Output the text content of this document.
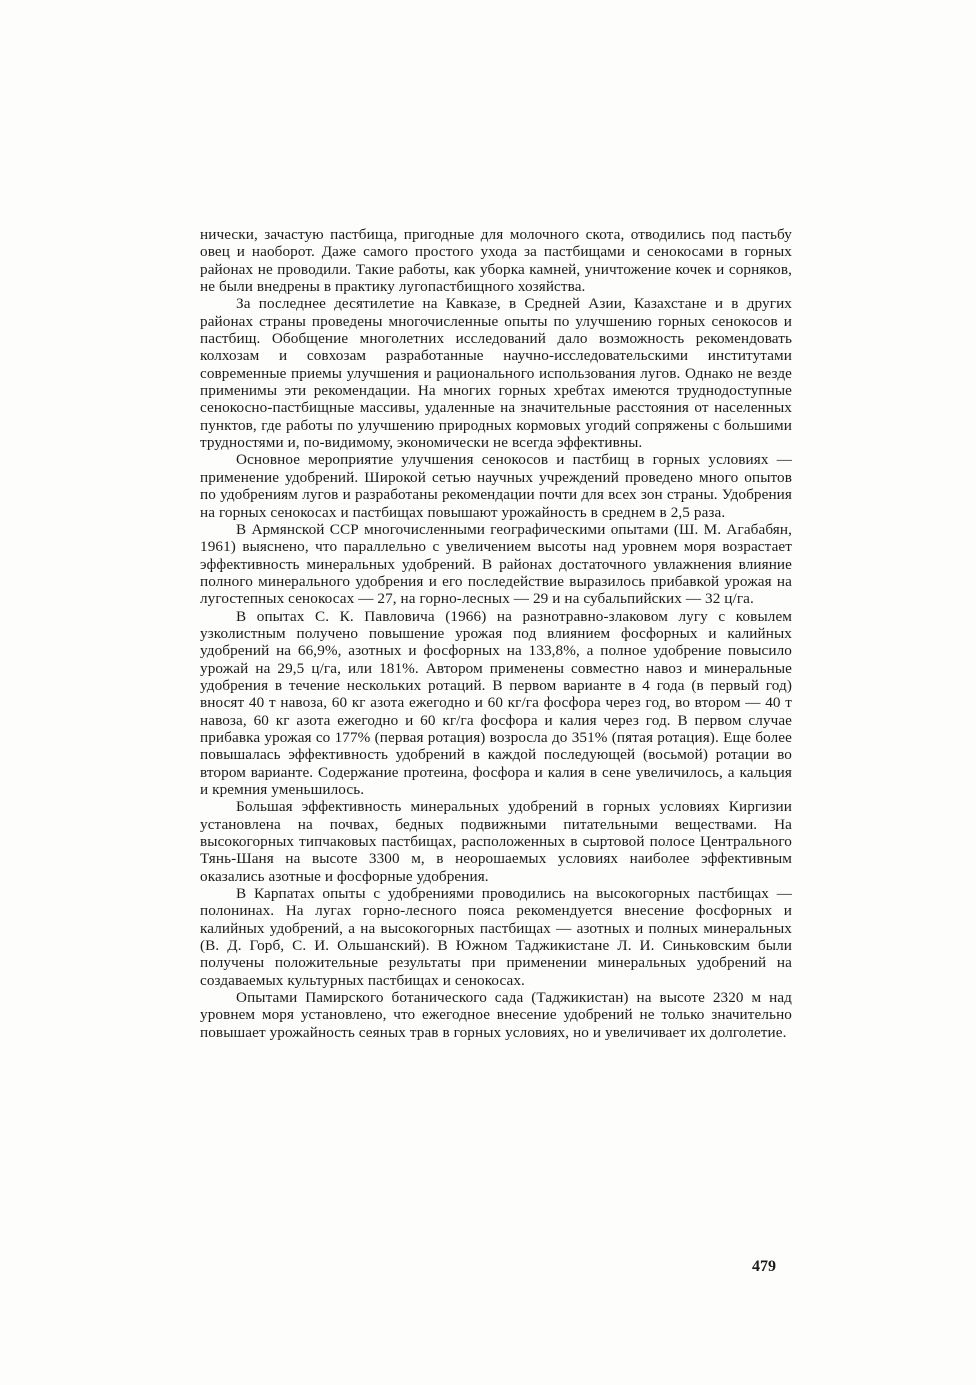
нически, зачастую пастбища, пригодные для молочного скота, отводились под пастьбу овец и наоборот. Даже самого простого ухода за пастбищами и сенокосами в горных районах не проводили. Такие работы, как уборка камней, уничтожение кочек и сорняков, не были внедрены в практику лугопастбищного хозяйства.

За последнее десятилетие на Кавказе, в Средней Азии, Казахстане и в других районах страны проведены многочисленные опыты по улучшению горных сенокосов и пастбищ. Обобщение многолетних исследований дало возможность рекомендовать колхозам и совхозам разработанные научно-исследовательскими институтами современные приемы улучшения и рационального использования лугов. Однако не везде применимы эти рекомендации. На многих горных хребтах имеются труднодоступные сенокосно-пастбищные массивы, удаленные на значительные расстояния от населенных пунктов, где работы по улучшению природных кормовых угодий сопряжены с большими трудностями и, по-видимому, экономически не всегда эффективны.

Основное мероприятие улучшения сенокосов и пастбищ в горных условиях — применение удобрений. Широкой сетью научных учреждений проведено много опытов по удобрениям лугов и разработаны рекомендации почти для всех зон страны. Удобрения на горных сенокосах и пастбищах повышают урожайность в среднем в 2,5 раза.

В Армянской ССР многочисленными географическими опытами (Ш. М. Агабабян, 1961) выяснено, что параллельно с увеличением высоты над уровнем моря возрастает эффективность минеральных удобрений. В районах достаточного увлажнения влияние полного минерального удобрения и его последействие выразилось прибавкой урожая на лугостепных сенокосах — 27, на горно-лесных — 29 и на субальпийских — 32 ц/га.

В опытах С. К. Павловича (1966) на разнотравно-злаковом лугу с ковылем узколистным получено повышение урожая под влиянием фосфорных и калийных удобрений на 66,9%, азотных и фосфорных на 133,8%, а полное удобрение повысило урожай на 29,5 ц/га, или 181%. Автором применены совместно навоз и минеральные удобрения в течение нескольких ротаций. В первом варианте в 4 года (в первый год) вносят 40 т навоза, 60 кг азота ежегодно и 60 кг/га фосфора через год, во втором — 40 т навоза, 60 кг азота ежегодно и 60 кг/га фосфора и калия через год. В первом случае прибавка урожая со 177% (первая ротация) возросла до 351% (пятая ротация). Еще более повышалась эффективность удобрений в каждой последующей (восьмой) ротации во втором варианте. Содержание протеина, фосфора и калия в сене увеличилось, а кальция и кремния уменьшилось.

Большая эффективность минеральных удобрений в горных условиях Киргизии установлена на почвах, бедных подвижными питательными веществами. На высокогорных типчаковых пастбищах, расположенных в сыртовой полосе Центрального Тянь-Шаня на высоте 3300 м, в неорошаемых условиях наиболее эффективным оказались азотные и фосфорные удобрения.

В Карпатах опыты с удобрениями проводились на высокогорных пастбищах — полонинах. На лугах горно-лесного пояса рекомендуется внесение фосфорных и калийных удобрений, а на высокогорных пастбищах — азотных и полных минеральных (В. Д. Горб, С. И. Ольшанский). В Южном Таджикистане Л. И. Синьковским были получены положительные результаты при применении минеральных удобрений на создаваемых культурных пастбищах и сенокосах.

Опытами Памирского ботанического сада (Таджикистан) на высоте 2320 м над уровнем моря установлено, что ежегодное внесение удобрений не только значительно повышает урожайность сеяных трав в горных условиях, но и увеличивает их долголетие.

479
